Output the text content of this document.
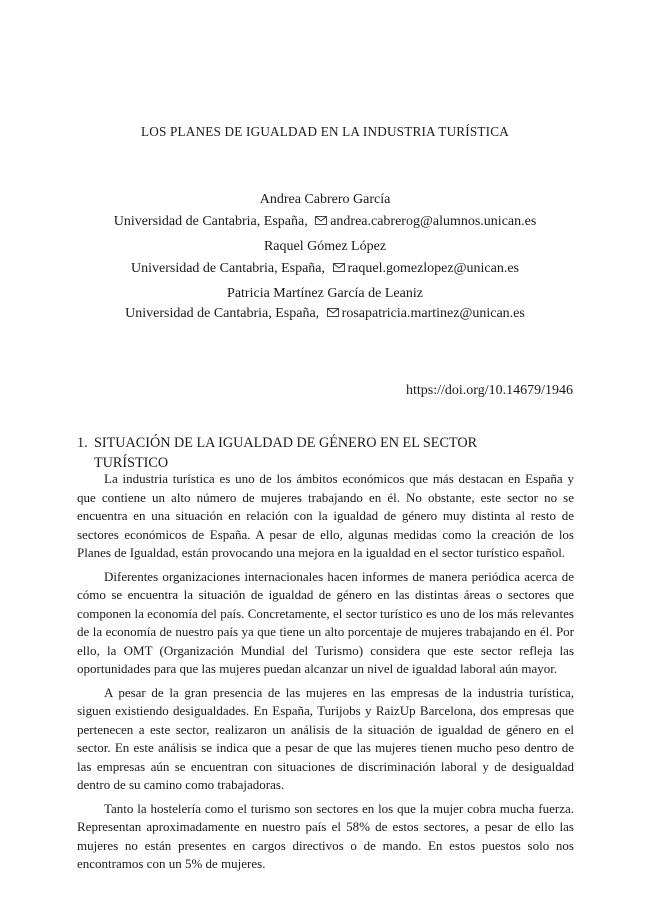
LOS PLANES DE IGUALDAD EN LA INDUSTRIA TURÍSTICA
Andrea Cabrero García
Universidad de Cantabria, España, andrea.cabrerog@alumnos.unican.es
Raquel Gómez López
Universidad de Cantabria, España, raquel.gomezlopez@unican.es
Patricia Martínez García de Leaniz
Universidad de Cantabria, España, rosapatricia.martinez@unican.es
https://doi.org/10.14679/1946
1. SITUACIÓN DE LA IGUALDAD DE GÉNERO EN EL SECTOR TURÍSTICO

La industria turística es uno de los ámbitos económicos que más destacan en España y que contiene un alto número de mujeres trabajando en él. No obstante, este sector no se encuentra en una situación en relación con la igualdad de género muy distinta al resto de sectores económicos de España. A pesar de ello, algunas medidas como la creación de los Planes de Igualdad, están provocando una mejora en la igualdad en el sector turístico español.

Diferentes organizaciones internacionales hacen informes de manera periódica acerca de cómo se encuentra la situación de igualdad de género en las distintas áreas o sectores que componen la economía del país. Concretamente, el sector turístico es uno de los más relevantes de la economía de nuestro país ya que tiene un alto porcentaje de mujeres trabajando en él. Por ello, la OMT (Organización Mundial del Turismo) considera que este sector refleja las oportunidades para que las mujeres puedan alcanzar un nivel de igualdad laboral aún mayor.

A pesar de la gran presencia de las mujeres en las empresas de la industria turística, siguen existiendo desigualdades. En España, Turijobs y RaizUp Barcelona, dos empresas que pertenecen a este sector, realizaron un análisis de la situación de igualdad de género en el sector. En este análisis se indica que a pesar de que las mujeres tienen mucho peso dentro de las empresas aún se encuentran con situaciones de discriminación laboral y de desigualdad dentro de su camino como trabajadoras.

Tanto la hostelería como el turismo son sectores en los que la mujer cobra mucha fuerza. Representan aproximadamente en nuestro país el 58% de estos sectores, a pesar de ello las mujeres no están presentes en cargos directivos o de mando. En estos puestos solo nos encontramos con un 5% de mujeres.
